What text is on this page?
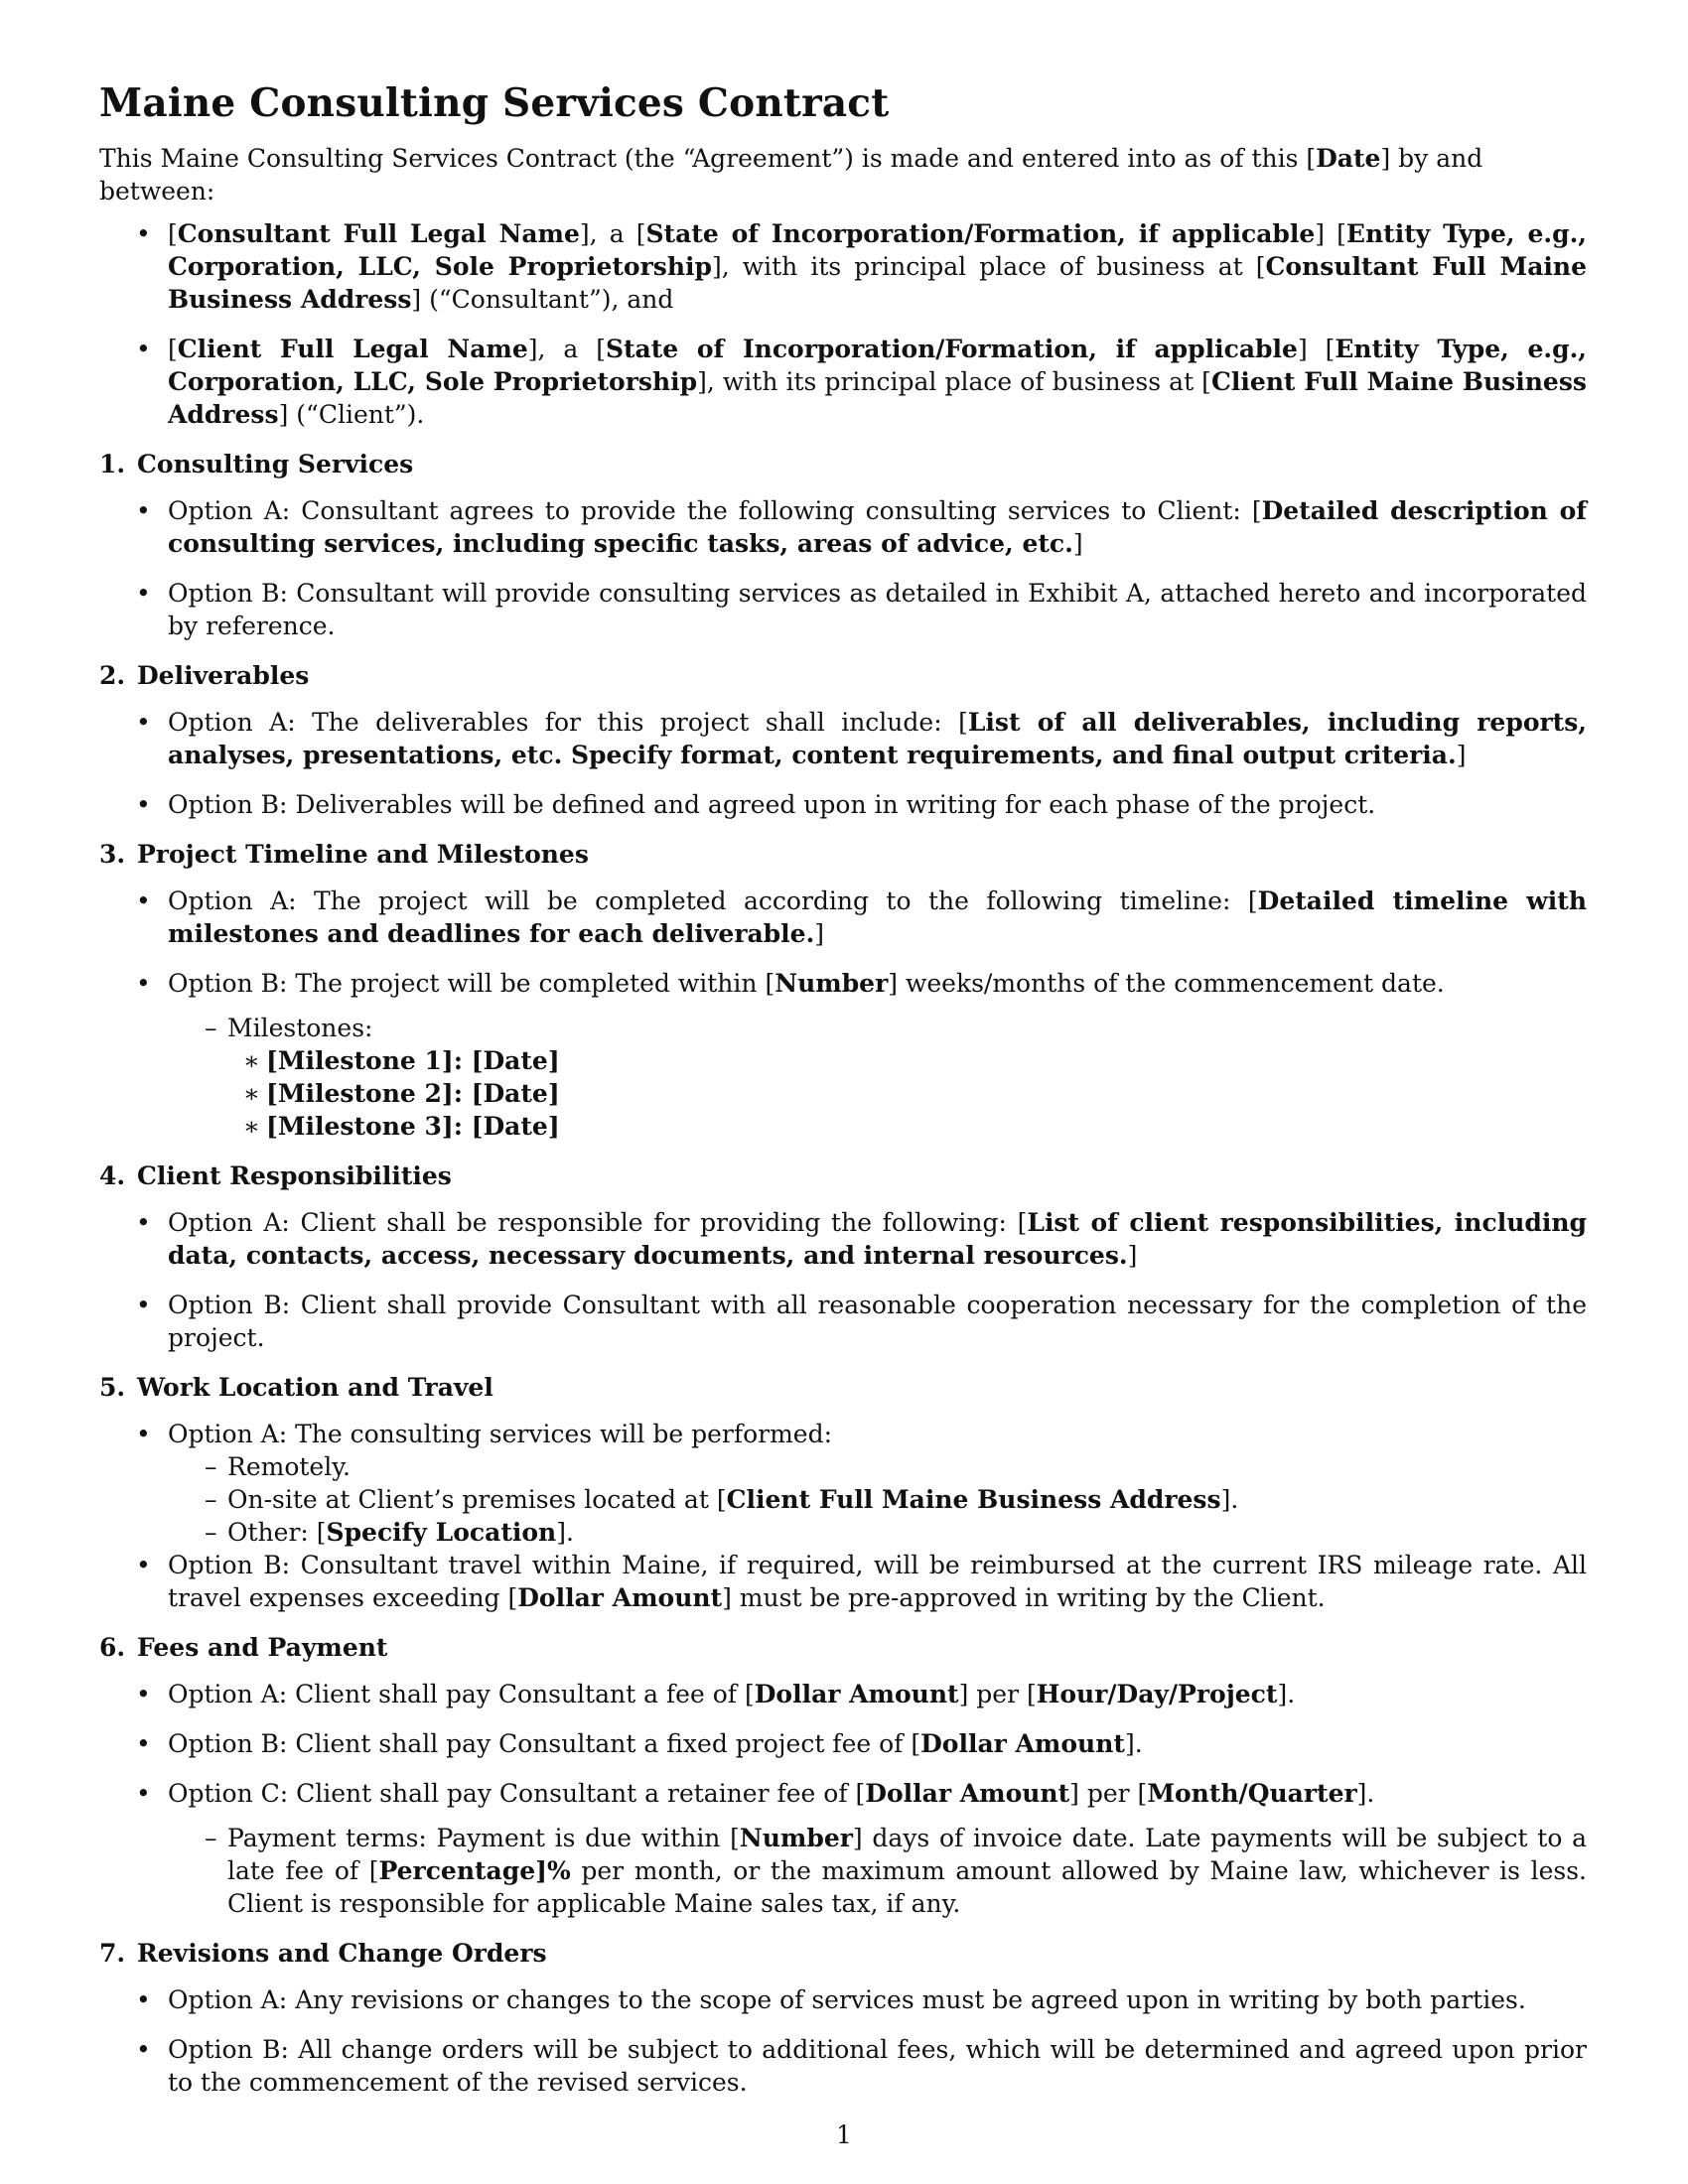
Maine Consulting Services Contract

This Maine Consulting Services Contract (the “Agreement”) is made and entered into as of this [Date] by and between:

• [Consultant Full Legal Name], a [State of Incorporation/Formation, if applicable] [Entity Type, e.g., Corporation, LLC, Sole Proprietorship], with its principal place of business at [Consultant Full Maine Business Address] (“Consultant”), and
• [Client Full Legal Name], a [State of Incorporation/Formation, if applicable] [Entity Type, e.g., Corporation, LLC, Sole Proprietorship], with its principal place of business at [Client Full Maine Business Address] (“Client”).
1. Consulting Services
• Option A: Consultant agrees to provide the following consulting services to Client: [Detailed description of consulting services, including specific tasks, areas of advice, etc.]
• Option B: Consultant will provide consulting services as detailed in Exhibit A, attached hereto and incorporated by reference.
2. Deliverables
• Option A: The deliverables for this project shall include: [List of all deliverables, including reports, analyses, presentations, etc. Specify format, content requirements, and final output criteria.]
• Option B: Deliverables will be defined and agreed upon in writing for each phase of the project.
3. Project Timeline and Milestones
• Option A: The project will be completed according to the following timeline: [Detailed timeline with milestones and deadlines for each deliverable.]
• Option B: The project will be completed within [Number] weeks/months of the commencement date.
– Milestones:
∗ [Milestone 1]: [Date]
∗ [Milestone 2]: [Date]
∗ [Milestone 3]: [Date]
4. Client Responsibilities
• Option A: Client shall be responsible for providing the following: [List of client responsibilities, including data, contacts, access, necessary documents, and internal resources.]
• Option B: Client shall provide Consultant with all reasonable cooperation necessary for the completion of the project.
5. Work Location and Travel
• Option A: The consulting services will be performed:
– Remotely.
– On-site at Client’s premises located at [Client Full Maine Business Address].
– Other: [Specify Location].
• Option B: Consultant travel within Maine, if required, will be reimbursed at the current IRS mileage rate. All travel expenses exceeding [Dollar Amount] must be pre-approved in writing by the Client.
6. Fees and Payment
• Option A: Client shall pay Consultant a fee of [Dollar Amount] per [Hour/Day/Project].
• Option B: Client shall pay Consultant a fixed project fee of [Dollar Amount].
• Option C: Client shall pay Consultant a retainer fee of [Dollar Amount] per [Month/Quarter].
– Payment terms: Payment is due within [Number] days of invoice date. Late payments will be subject to a late fee of [Percentage]% per month, or the maximum amount allowed by Maine law, whichever is less. Client is responsible for applicable Maine sales tax, if any.
7. Revisions and Change Orders
• Option A: Any revisions or changes to the scope of services must be agreed upon in writing by both parties.
• Option B: All change orders will be subject to additional fees, which will be determined and agreed upon prior to the commencement of the revised services.
1
